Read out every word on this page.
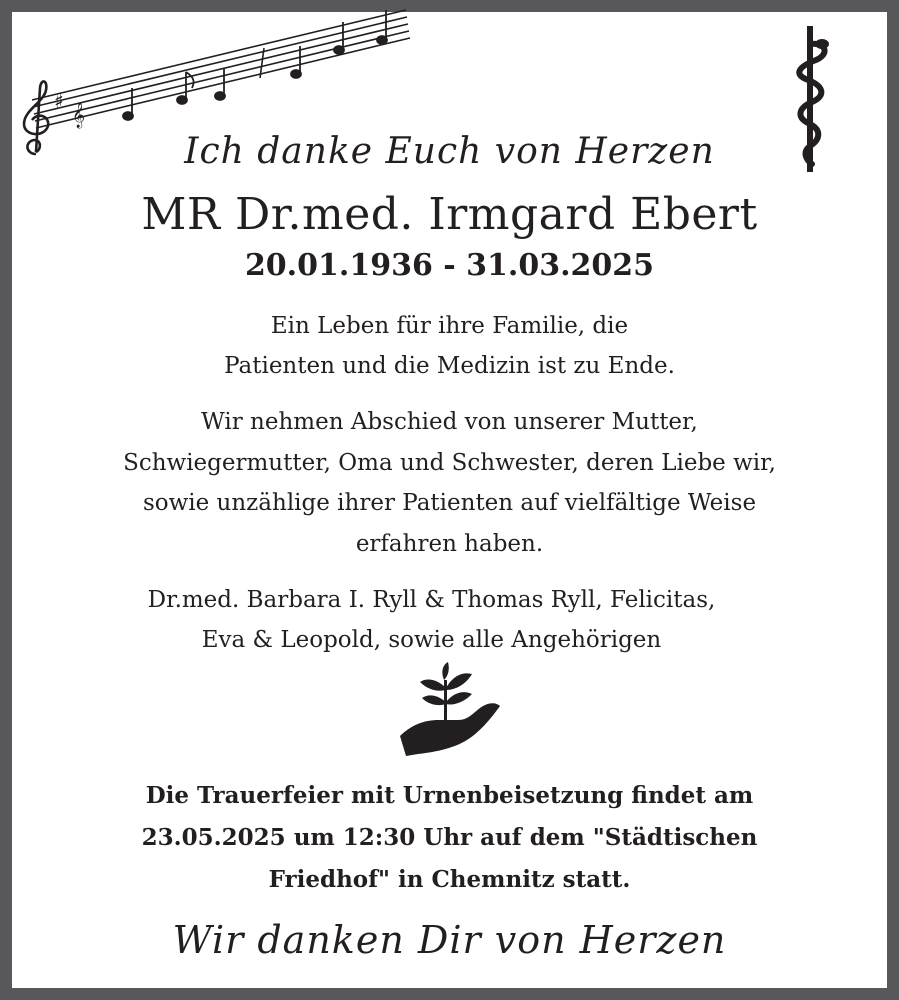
♯
𝄞
Ich danke Euch von Herzen
MR Dr.med. Irmgard Ebert
20.01.1936 - 31.03.2025
Ein Leben für ihre Familie, die
Patienten und die Medizin ist zu Ende.
Wir nehmen Abschied von unserer Mutter,
Schwiegermutter, Oma und Schwester, deren Liebe wir,
sowie unzählige ihrer Patienten auf vielfältige Weise
erfahren haben.
Dr.med. Barbara I. Ryll & Thomas Ryll, Felicitas,
Eva & Leopold, sowie alle Angehörigen
Die Trauerfeier mit Urnenbeisetzung findet am
23.05.2025 um 12:30 Uhr auf dem "Städtischen
Friedhof" in Chemnitz statt.
Wir danken Dir von Herzen
